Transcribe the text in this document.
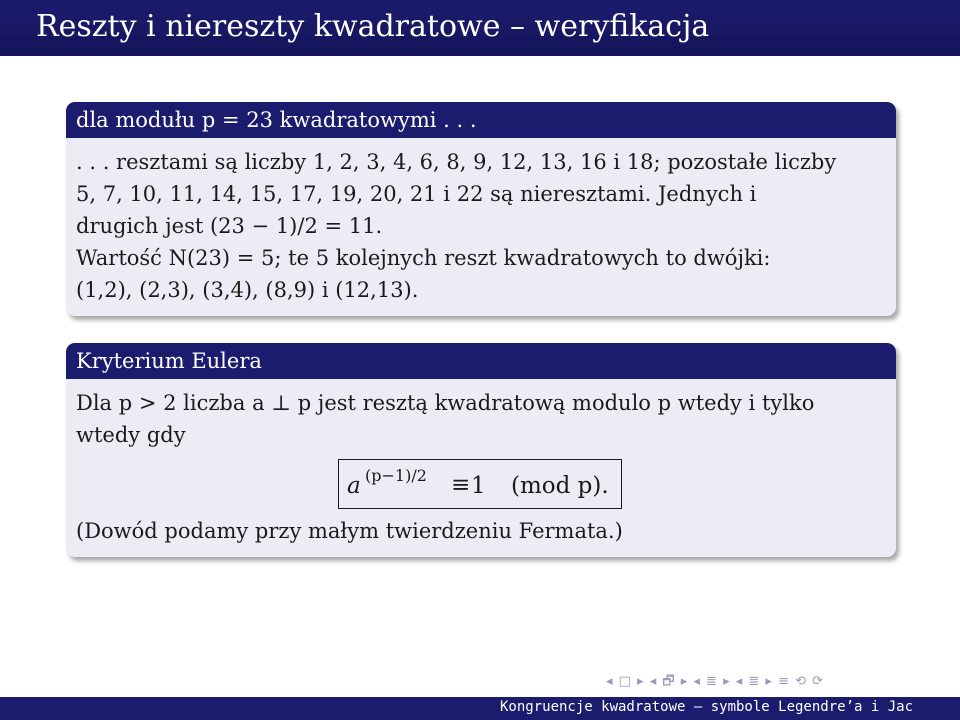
Reszty i niereszty kwadratowe – weryfikacja
dla modułu p = 23 kwadratowymi . . .
. . . resztami są liczby 1, 2, 3, 4, 6, 8, 9, 12, 13, 16 i 18; pozostałe liczby
5, 7, 10, 11, 14, 15, 17, 19, 20, 21 i 22 są nieresztami. Jednych i
drugich jest (23 − 1)/2 = 11.
Wartość N(23) = 5; te 5 kolejnych reszt kwadratowych to dwójki:
(1,2), (2,3), (3,4), (8,9) i (12,13).
Kryterium Eulera
Dla p > 2 liczba a ⊥ p jest resztą kwadratową modulo p wtedy i tylko
wtedy gdy
a (p−1)/2 ≡ 1 (mod p).
(Dowód podamy przy małym twierdzeniu Fermata.)
◂ □ ▸ ◂ 🗗 ▸ ◂ ≣ ▸ ◂ ≣ ▸ ≡ ⟲ ⟳
Kongruencje kwadratowe — symbole Legendre’a i Jac
